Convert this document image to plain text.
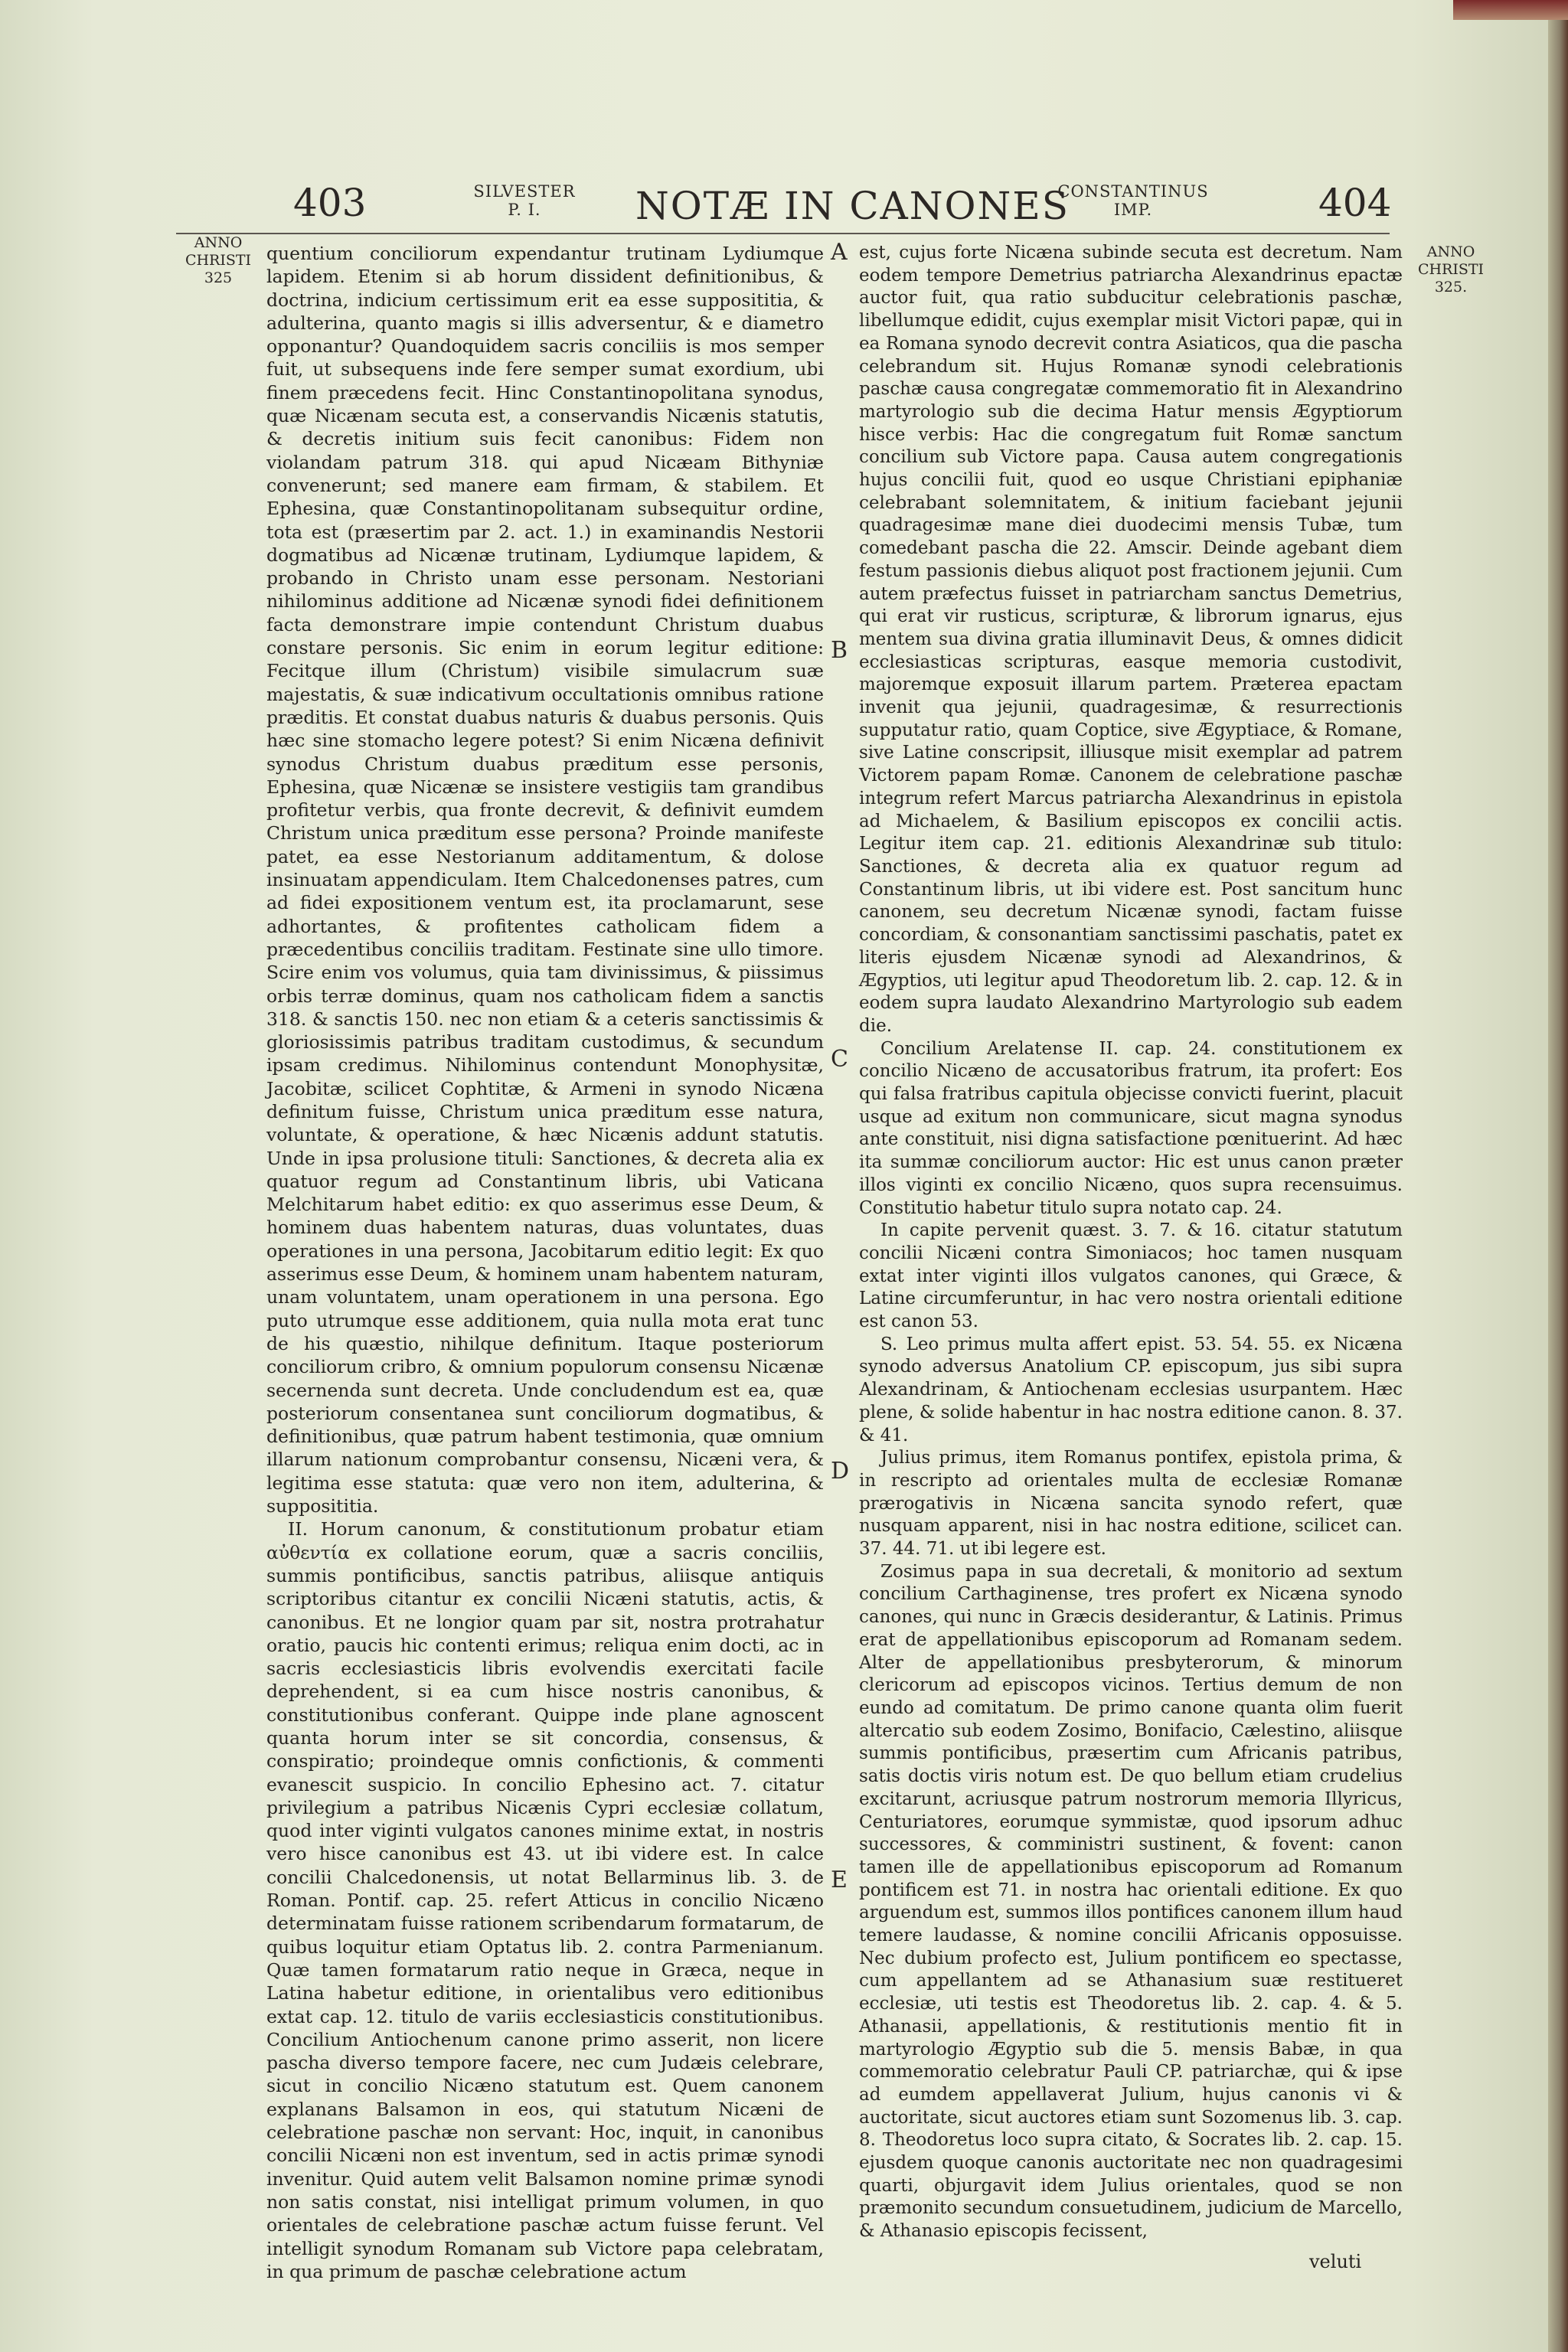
403	SILVESTER
P. I.	NOTÆ IN CANONES
CONSTANTINUS
IMP.	404
ANNO
CHRISTI
325
ANNO
CHRISTI
325.
A
B
C
D
E

quentium conciliorum expendantur trutinam Lydiumque lapidem. Etenim si ab horum dissident definitionibus, & doctrina, indicium certissimum erit ea esse supposititia, & adulterina, quanto magis si illis adversentur, & e diametro opponantur? Quandoquidem sacris conciliis is mos semper fuit, ut subsequens inde fere semper sumat exordium, ubi finem præcedens fecit. Hinc Constantinopolitana synodus, quæ Nicænam secuta est, a conservandis Nicænis statutis, & decretis initium suis fecit canonibus: Fidem non violandam patrum 318. qui apud Nicæam Bithyniæ convenerunt; sed manere eam firmam, & stabilem. Et Ephesina, quæ Constantinopolitanam subsequitur ordine, tota est (præsertim par 2. act. 1.) in examinandis Nestorii dogmatibus ad Nicænæ trutinam, Lydiumque lapidem, & probando in Christo unam esse personam. Nestoriani nihilominus additione ad Nicænæ synodi fidei definitionem facta demonstrare impie contendunt Christum duabus constare personis. Sic enim in eorum legitur editione: Fecitque illum (Christum) visibile simulacrum suæ majestatis, & suæ indicativum occultationis omnibus ratione præditis. Et constat duabus naturis & duabus personis. Quis hæc sine stomacho legere potest? Si enim Nicæna definivit synodus Christum duabus præditum esse personis, Ephesina, quæ Nicænæ se insistere vestigiis tam grandibus profitetur verbis, qua fronte decrevit, & definivit eumdem Christum unica præditum esse persona? Proinde manifeste patet, ea esse Nestorianum additamentum, & dolose insinuatam appendiculam. Item Chalcedonenses patres, cum ad fidei expositionem ventum est, ita proclamarunt, sese adhortantes, & profitentes catholicam fidem a præcedentibus conciliis traditam. Festinate sine ullo timore. Scire enim vos volumus, quia tam divinissimus, & piissimus orbis terræ dominus, quam nos catholicam fidem a sanctis 318. & sanctis 150. nec non etiam & a ceteris sanctissimis & gloriosissimis patribus traditam custodimus, & secundum ipsam credimus. Nihilominus contendunt Monophysitæ, Jacobitæ, scilicet Cophtitæ, & Armeni in synodo Nicæna definitum fuisse, Christum unica præditum esse natura, voluntate, & operatione, & hæc Nicænis addunt statutis. Unde in ipsa prolusione tituli: Sanctiones, & decreta alia ex quatuor regum ad Constantinum libris, ubi Vaticana Melchitarum habet editio: ex quo asserimus esse Deum, & hominem duas habentem naturas, duas voluntates, duas operationes in una persona, Jacobitarum editio legit: Ex quo asserimus esse Deum, & hominem unam habentem naturam, unam voluntatem, unam operationem in una persona. Ego puto utrumque esse additionem, quia nulla mota erat tunc de his quæstio, nihilque definitum. Itaque posteriorum conciliorum cribro, & omnium populorum consensu Nicænæ secernenda sunt decreta. Unde concludendum est ea, quæ posteriorum consentanea sunt conciliorum dogmatibus, & definitionibus, quæ patrum habent testimonia, quæ omnium illarum nationum comprobantur consensu, Nicæni vera, & legitima esse statuta: quæ vero non item, adulterina, & supposititia.

II. Horum canonum, & constitutionum probatur etiam αὐθεντία ex collatione eorum, quæ a sacris conciliis, summis pontificibus, sanctis patribus, aliisque antiquis scriptoribus citantur ex concilii Nicæni statutis, actis, & canonibus. Et ne longior quam par sit, nostra protrahatur oratio, paucis hic contenti erimus; reliqua enim docti, ac in sacris ecclesiasticis libris evolvendis exercitati facile deprehendent, si ea cum hisce nostris canonibus, & constitutionibus conferant. Quippe inde plane agnoscent quanta horum inter se sit concordia, consensus, & conspiratio; proindeque omnis confictionis, & commenti evanescit suspicio. In concilio Ephesino act. 7. citatur privilegium a patribus Nicænis Cypri ecclesiæ collatum, quod inter viginti vulgatos canones minime extat, in nostris vero hisce canonibus est 43. ut ibi videre est. In calce concilii Chalcedonensis, ut notat Bellarminus lib. 3. de Roman. Pontif. cap. 25. refert Atticus in concilio Nicæno determinatam fuisse rationem scribendarum formatarum, de quibus loquitur etiam Optatus lib. 2. contra Parmenianum. Quæ tamen formatarum ratio neque in Græca, neque in Latina habetur editione, in orientalibus vero editionibus extat cap. 12. titulo de variis ecclesiasticis constitutionibus. Concilium Antiochenum canone primo asserit, non licere pascha diverso tempore facere, nec cum Judæis celebrare, sicut in concilio Nicæno statutum est. Quem canonem explanans Balsamon in eos, qui statutum Nicæni de celebratione paschæ non servant: Hoc, inquit, in canonibus concilii Nicæni non est inventum, sed in actis primæ synodi invenitur. Quid autem velit Balsamon nomine primæ synodi non satis constat, nisi intelligat primum volumen, in quo orientales de celebratione paschæ actum fuisse ferunt. Vel intelligit synodum Romanam sub Victore papa celebratam, in qua primum de paschæ celebratione actum

est, cujus forte Nicæna subinde secuta est decretum. Nam eodem tempore Demetrius patriarcha Alexandrinus epactæ auctor fuit, qua ratio subducitur celebrationis paschæ, libellumque edidit, cujus exemplar misit Victori papæ, qui in ea Romana synodo decrevit contra Asiaticos, qua die pascha celebrandum sit. Hujus Romanæ synodi celebrationis paschæ causa congregatæ commemoratio fit in Alexandrino martyrologio sub die decima Hatur mensis Ægyptiorum hisce verbis: Hac die congregatum fuit Romæ sanctum concilium sub Victore papa. Causa autem congregationis hujus concilii fuit, quod eo usque Christiani epiphaniæ celebrabant solemnitatem, & initium faciebant jejunii quadragesimæ mane diei duodecimi mensis Tubæ, tum comedebant pascha die 22. Amscir. Deinde agebant diem festum passionis diebus aliquot post fractionem jejunii. Cum autem præfectus fuisset in patriarcham sanctus Demetrius, qui erat vir rusticus, scripturæ, & librorum ignarus, ejus mentem sua divina gratia illuminavit Deus, & omnes didicit ecclesiasticas scripturas, easque memoria custodivit, majoremque exposuit illarum partem. Præterea epactam invenit qua jejunii, quadragesimæ, & resurrectionis supputatur ratio, quam Coptice, sive Ægyptiace, & Romane, sive Latine conscripsit, illiusque misit exemplar ad patrem Victorem papam Romæ. Canonem de celebratione paschæ integrum refert Marcus patriarcha Alexandrinus in epistola ad Michaelem, & Basilium episcopos ex concilii actis. Legitur item cap. 21. editionis Alexandrinæ sub titulo: Sanctiones, & decreta alia ex quatuor regum ad Constantinum libris, ut ibi videre est. Post sancitum hunc canonem, seu decretum Nicænæ synodi, factam fuisse concordiam, & consonantiam sanctissimi paschatis, patet ex literis ejusdem Nicænæ synodi ad Alexandrinos, & Ægyptios, uti legitur apud Theodoretum lib. 2. cap. 12. & in eodem supra laudato Alexandrino Martyrologio sub eadem die.

Concilium Arelatense II. cap. 24. constitutionem ex concilio Nicæno de accusatoribus fratrum, ita profert: Eos qui falsa fratribus capitula objecisse convicti fuerint, placuit usque ad exitum non communicare, sicut magna synodus ante constituit, nisi digna satisfactione pœnituerint. Ad hæc ita summæ conciliorum auctor: Hic est unus canon præter illos viginti ex concilio Nicæno, quos supra recensuimus. Constitutio habetur titulo supra notato cap. 24.

In capite pervenit quæst. 3. 7. & 16. citatur statutum concilii Nicæni contra Simoniacos; hoc tamen nusquam extat inter viginti illos vulgatos canones, qui Græce, & Latine circumferuntur, in hac vero nostra orientali editione est canon 53.

S. Leo primus multa affert epist. 53. 54. 55. ex Nicæna synodo adversus Anatolium CP. episcopum, jus sibi supra Alexandrinam, & Antiochenam ecclesias usurpantem. Hæc plene, & solide habentur in hac nostra editione canon. 8. 37. & 41.

Julius primus, item Romanus pontifex, epistola prima, & in rescripto ad orientales multa de ecclesiæ Romanæ prærogativis in Nicæna sancita synodo refert, quæ nusquam apparent, nisi in hac nostra editione, scilicet can. 37. 44. 71. ut ibi legere est.

Zosimus papa in sua decretali, & monitorio ad sextum concilium Carthaginense, tres profert ex Nicæna synodo canones, qui nunc in Græcis desiderantur, & Latinis. Primus erat de appellationibus episcoporum ad Romanam sedem. Alter de appellationibus presbyterorum, & minorum clericorum ad episcopos vicinos. Tertius demum de non eundo ad comitatum. De primo canone quanta olim fuerit altercatio sub eodem Zosimo, Bonifacio, Cælestino, aliisque summis pontificibus, præsertim cum Africanis patribus, satis doctis viris notum est. De quo bellum etiam crudelius excitarunt, acriusque patrum nostrorum memoria Illyricus, Centuriatores, eorumque symmistæ, quod ipsorum adhuc successores, & comministri sustinent, & fovent: canon tamen ille de appellationibus episcoporum ad Romanum pontificem est 71. in nostra hac orientali editione. Ex quo arguendum est, summos illos pontifices canonem illum haud temere laudasse, & nomine concilii Africanis opposuisse. Nec dubium profecto est, Julium pontificem eo spectasse, cum appellantem ad se Athanasium suæ restitueret ecclesiæ, uti testis est Theodoretus lib. 2. cap. 4. & 5. Athanasii, appellationis, & restitutionis mentio fit in martyrologio Ægyptio sub die 5. mensis Babæ, in qua commemoratio celebratur Pauli CP. patriarchæ, qui & ipse ad eumdem appellaverat Julium, hujus canonis vi & auctoritate, sicut auctores etiam sunt Sozomenus lib. 3. cap. 8. Theodoretus loco supra citato, & Socrates lib. 2. cap. 15. ejusdem quoque canonis auctoritate nec non quadragesimi quarti, objurgavit idem Julius orientales, quod se non præmonito secundum consuetudinem, judicium de Marcello, & Athanasio episcopis fecissent,

veluti
